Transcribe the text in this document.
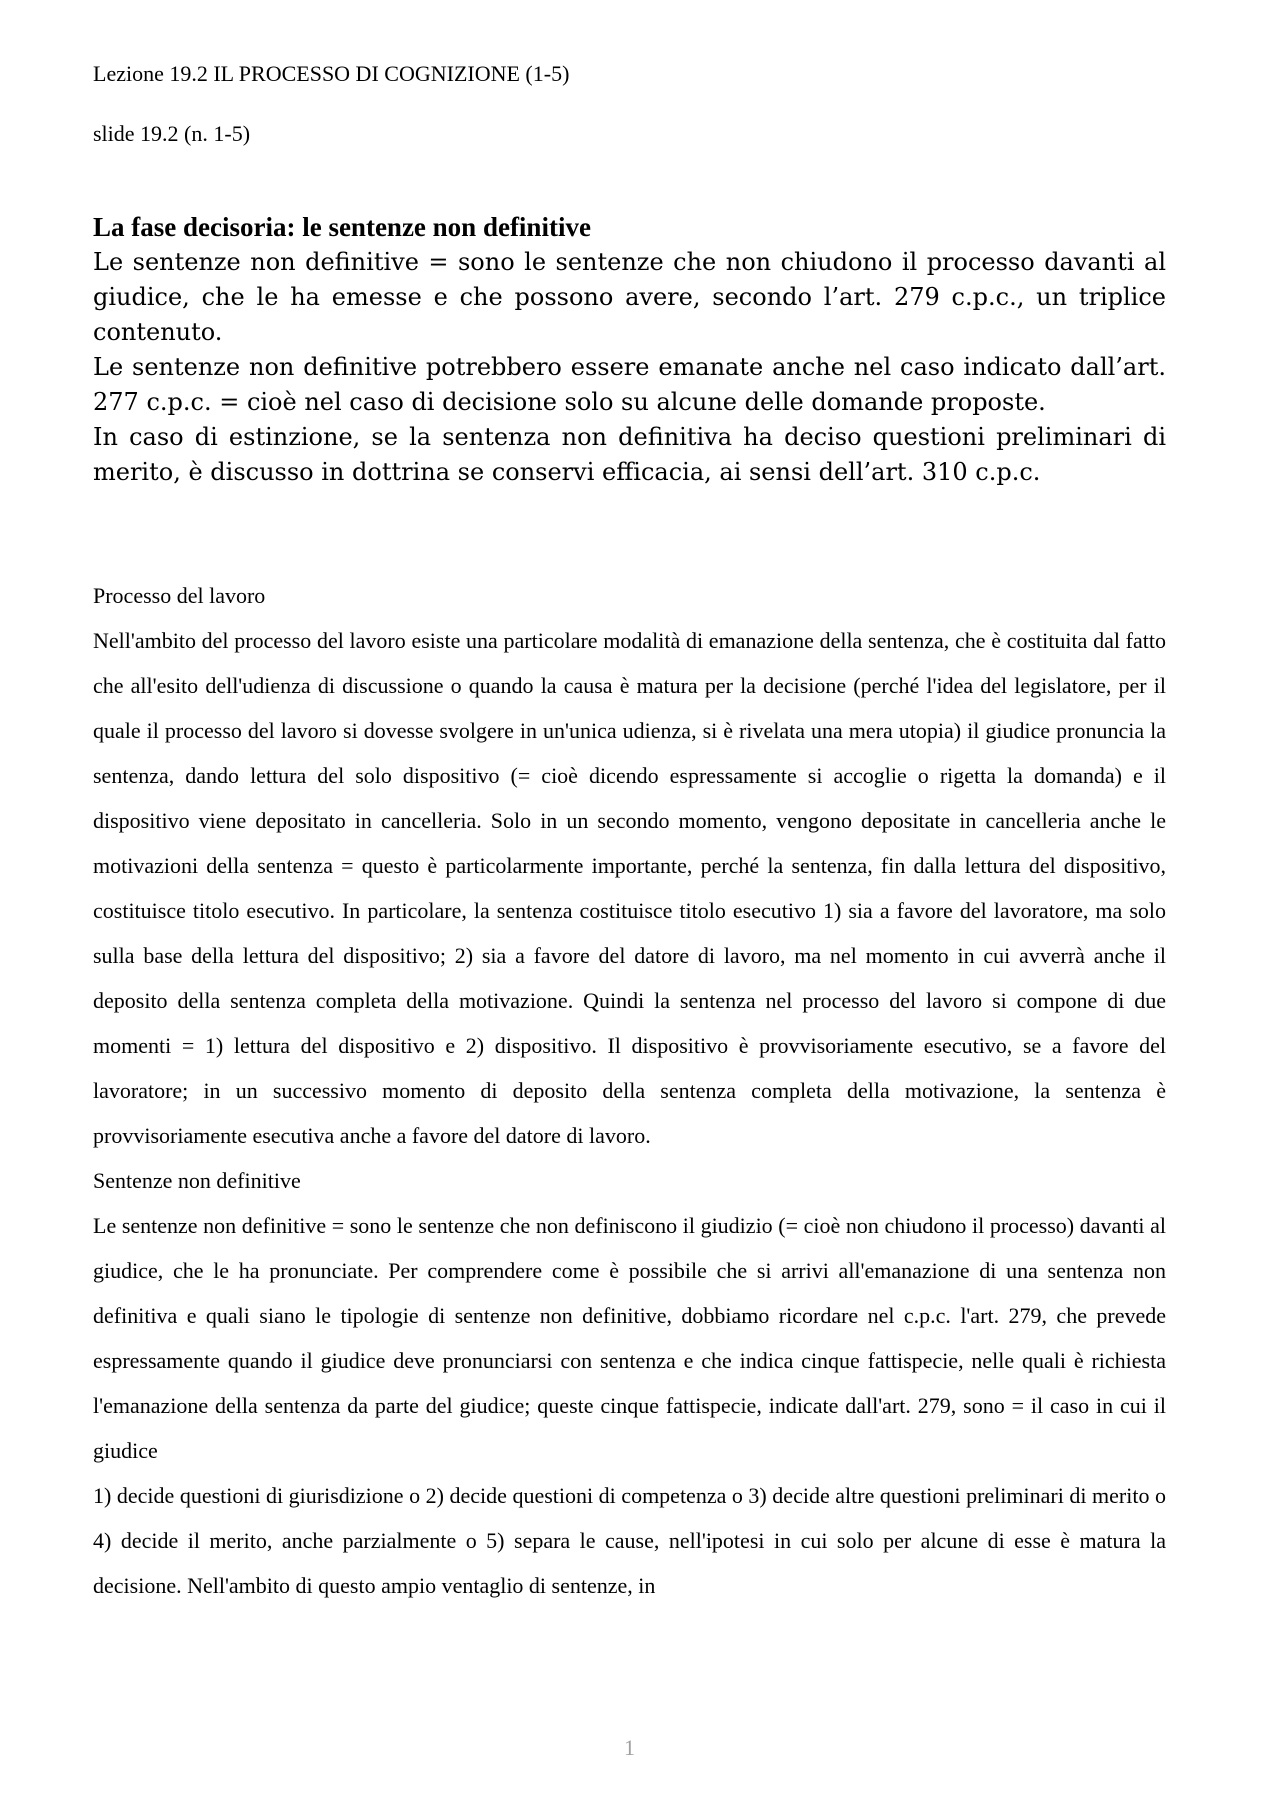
Lezione 19.2 IL PROCESSO DI COGNIZIONE (1-5)
slide 19.2 (n. 1-5)
La fase decisoria: le sentenze non definitive

Le sentenze non definitive = sono le sentenze che non chiudono il processo davanti al giudice, che le ha emesse e che possono avere, secondo l’art. 279 c.p.c., un triplice contenuto.

Le sentenze non definitive potrebbero essere emanate anche nel caso indicato dall’art. 277 c.p.c. = cioè nel caso di decisione solo su alcune delle domande proposte.

In caso di estinzione, se la sentenza non definitiva ha deciso questioni preliminari di merito, è discusso in dottrina se conservi efficacia, ai sensi dell’art. 310 c.p.c.

Processo del lavoro

Nell'ambito del processo del lavoro esiste una particolare modalità di emanazione della sentenza, che è costituita dal fatto che all'esito dell'udienza di discussione o quando la causa è matura per la decisione (perché l'idea del legislatore, per il quale il processo del lavoro si dovesse svolgere in un'unica udienza, si è rivelata una mera utopia) il giudice pronuncia la sentenza, dando lettura del solo dispositivo (= cioè dicendo espressamente si accoglie o rigetta la domanda) e il dispositivo viene depositato in cancelleria. Solo in un secondo momento, vengono depositate in cancelleria anche le motivazioni della sentenza = questo è particolarmente importante, perché la sentenza, fin dalla lettura del dispositivo, costituisce titolo esecutivo. In particolare, la sentenza costituisce titolo esecutivo 1) sia a favore del lavoratore, ma solo sulla base della lettura del dispositivo; 2) sia a favore del datore di lavoro, ma nel momento in cui avverrà anche il deposito della sentenza completa della motivazione. Quindi la sentenza nel processo del lavoro si compone di due momenti = 1) lettura del dispositivo e 2) dispositivo. Il dispositivo è provvisoriamente esecutivo, se a favore del lavoratore; in un successivo momento di deposito della sentenza completa della motivazione, la sentenza è provvisoriamente esecutiva anche a favore del datore di lavoro.

Sentenze non definitive

Le sentenze non definitive = sono le sentenze che non definiscono il giudizio (= cioè non chiudono il processo) davanti al giudice, che le ha pronunciate. Per comprendere come è possibile che si arrivi all'emanazione di una sentenza non definitiva e quali siano le tipologie di sentenze non definitive, dobbiamo ricordare nel c.p.c. l'art. 279, che prevede espressamente quando il giudice deve pronunciarsi con sentenza e che indica cinque fattispecie, nelle quali è richiesta l'emanazione della sentenza da parte del giudice; queste cinque fattispecie, indicate dall'art. 279, sono = il caso in cui il giudice

1) decide questioni di giurisdizione o 2) decide questioni di competenza o 3) decide altre questioni preliminari di merito o 4) decide il merito, anche parzialmente o 5) separa le cause, nell'ipotesi in cui solo per alcune di esse è matura la decisione. Nell'ambito di questo ampio ventaglio di sentenze, in

1
